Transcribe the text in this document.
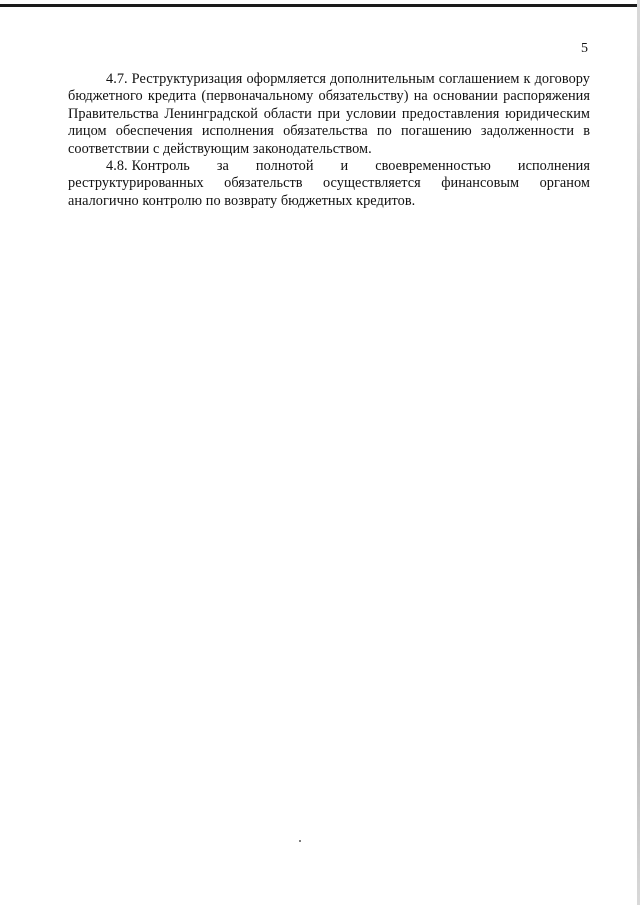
5

4.7. Реструктуризация оформляется дополнительным соглашением к договору бюджетного кредита (первоначальному обязательству) на основании распоряжения Правительства Ленинградской области при условии предоставления юридическим лицом обеспечения исполнения обязательства по погашению задолженности в соответствии с действующим законодательством.

4.8. Контроль за полнотой и своевременностью исполнения реструктурированных обязательств осуществляется финансовым органом аналогично контролю по возврату бюджетных кредитов.
